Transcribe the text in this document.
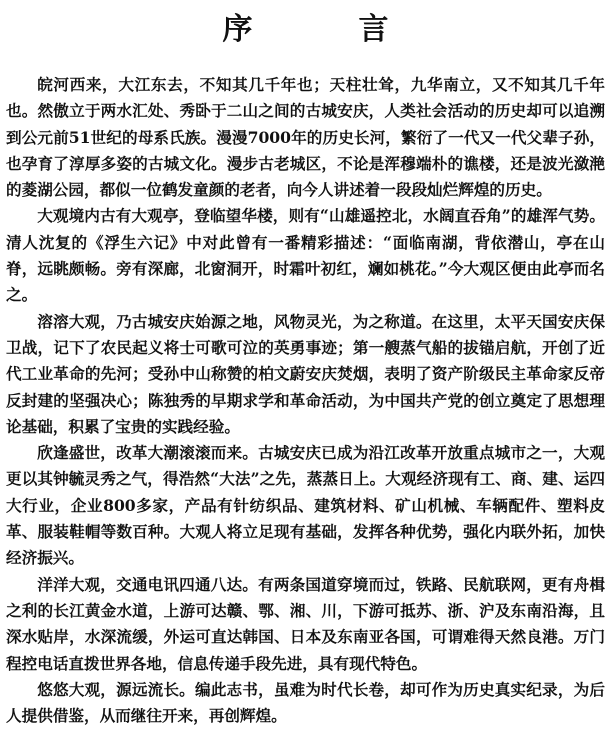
序　言

皖河西来，大江东去，不知其几千年也；天柱壮耸，九华南立，又不知其几千年也。然傲立于两水汇处、秀卧于二山之间的古城安庆，人类社会活动的历史却可以追溯到公元前51世纪的母系氏族。漫漫7000年的历史长河，繁衍了一代又一代父辈子孙，也孕育了淳厚多姿的古城文化。漫步古老城区，不论是浑穆端朴的谯楼，还是波光潋滟的菱湖公园，都似一位鹤发童颜的老者，向今人讲述着一段段灿烂辉煌的历史。

大观境内古有大观亭，登临望华楼，则有“山雄遥控北，水阔直吞角”的雄浑气势。清人沈复的《浮生六记》中对此曾有一番精彩描述：“面临南湖，背依潜山，亭在山脊，远眺颇畅。旁有深廊，北窗洞开，时霜叶初红，斓如桃花。”今大观区便由此亭而名之。

溶溶大观，乃古城安庆始源之地，风物灵光，为之称道。在这里，太平天国安庆保卫战，记下了农民起义将士可歌可泣的英勇事迹；第一艘蒸气船的拔锚启航，开创了近代工业革命的先河；受孙中山称赞的柏文蔚安庆焚烟，表明了资产阶级民主革命家反帝反封建的坚强决心；陈独秀的早期求学和革命活动，为中国共产党的创立奠定了思想理论基础，积累了宝贵的实践经验。

欣逢盛世，改革大潮滚滚而来。古城安庆已成为沿江改革开放重点城市之一，大观更以其钟毓灵秀之气，得浩然“大法”之先，蒸蒸日上。大观经济现有工、商、建、运四大行业，企业800多家，产品有针纺织品、建筑材料、矿山机械、车辆配件、塑料皮革、服装鞋帽等数百种。大观人将立足现有基础，发挥各种优势，强化内联外拓，加快经济振兴。

洋洋大观，交通电讯四通八达。有两条国道穿境而过，铁路、民航联网，更有舟楫之利的长江黄金水道，上游可达赣、鄂、湘、川，下游可抵苏、浙、沪及东南沿海，且深水贴岸，水深流缓，外运可直达韩国、日本及东南亚各国，可谓难得天然良港。万门程控电话直拨世界各地，信息传递手段先进，具有现代特色。

悠悠大观，源远流长。编此志书，虽难为时代长卷，却可作为历史真实纪录，为后人提供借鉴，从而继往开来，再创辉煌。
